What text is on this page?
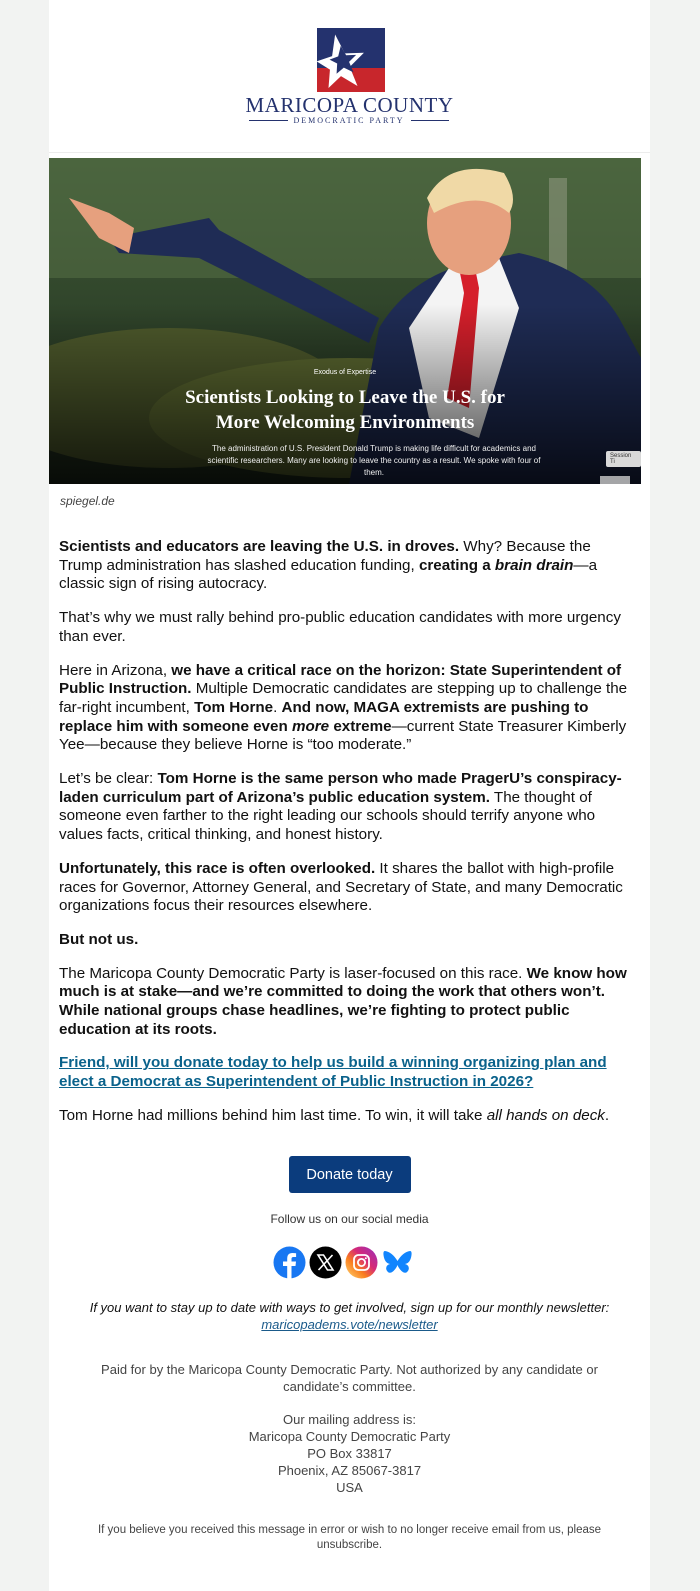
MARICOPA COUNTY
DEMOCRATIC PARTY
Exodus of Expertise
Scientists Looking to Leave the U.S. for
More Welcoming Environments
The administration of U.S. President Donald Trump is making life difficult for academics and scientific researchers. Many are looking to leave the country as a result. We spoke with four of them.
Session Ti
spiegel.de

Scientists and educators are leaving the U.S. in droves. Why? Because the Trump administration has slashed education funding, creating a brain drain—a classic sign of rising autocracy.

That’s why we must rally behind pro-public education candidates with more urgency than ever.

Here in Arizona, we have a critical race on the horizon: State Superintendent of Public Instruction. Multiple Democratic candidates are stepping up to challenge the far-right incumbent, Tom Horne. And now, MAGA extremists are pushing to replace him with someone even more extreme—current State Treasurer Kimberly Yee—because they believe Horne is “too moderate.”

Let’s be clear: Tom Horne is the same person who made PragerU’s conspiracy-laden curriculum part of Arizona’s public education system. The thought of someone even farther to the right leading our schools should terrify anyone who values facts, critical thinking, and honest history.

Unfortunately, this race is often overlooked. It shares the ballot with high-profile races for Governor, Attorney General, and Secretary of State, and many Democratic organizations focus their resources elsewhere.

But not us.

The Maricopa County Democratic Party is laser-focused on this race. We know how much is at stake—and we’re committed to doing the work that others won’t. While national groups chase headlines, we’re fighting to protect public education at its roots.

Friend, will you donate today to help us build a winning organizing plan and elect a Democrat as Superintendent of Public Instruction in 2026?

Tom Horne had millions behind him last time. To win, it will take all hands on deck.

Donate today
Follow us on our social media
If you want to stay up to date with ways to get involved, sign up for our monthly newsletter: maricopadems.vote/newsletter
Paid for by the Maricopa County Democratic Party. Not authorized by any candidate or candidate’s committee.
Our mailing address is:
Maricopa County Democratic Party
PO Box 33817
Phoenix, AZ 85067-3817
USA
If you believe you received this message in error or wish to no longer receive email from us, please unsubscribe.
